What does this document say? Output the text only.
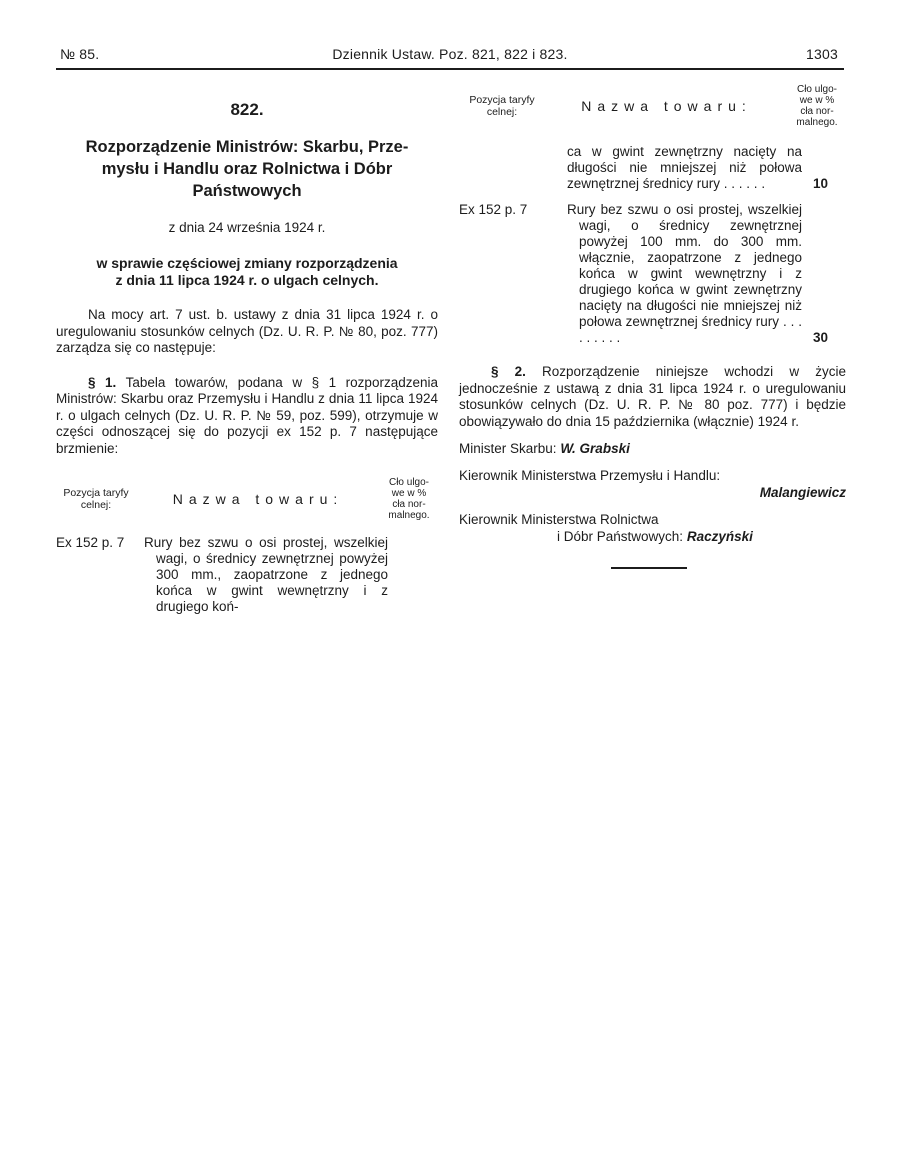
№ 85.	Dziennik Ustaw. Poz. 821, 822 i 823.	1303
822.
Rozporządzenie Ministrów: Skarbu, Prze-
mysłu i Handlu oraz Rolnictwa i Dóbr
Państwowych
z dnia 24 września 1924 r.
w sprawie częściowej zmiany rozporządzenia
z dnia 11 lipca 1924 r. o ulgach celnych.
Na mocy art. 7 ust. b. ustawy z dnia 31 lipca 1924 r. o uregulowaniu stosunków celnych (Dz. U. R. P. № 80, poz. 777) zarządza się co następuje:
§ 1. Tabela towarów, podana w § 1 rozporządzenia Ministrów: Skarbu oraz Przemysłu i Handlu z dnia 11 lipca 1924 r. o ulgach celnych (Dz. U. R. P. № 59, poz. 599), otrzymuje w części odnoszącej się do pozycji ex 152 p. 7 następujące brzmienie:
Pozycja taryfy
celnej:	Nazwa towaru:
Cło ulgo-
we w %
cła nor-
malnego.
Ex 152 p. 7 Rury bez szwu o osi prostej, wszelkiej wagi, o średnicy zewnętrznej powyżej 300 mm., zaopatrzone z jednego końca w gwint wewnętrzny i z drugiego koń-
Pozycja taryfy
celnej:	Nazwa towaru:
Cło ulgo-
we w %
cła nor-
malnego.
ca w gwint zewnętrzny nacięty na długości nie mniejszej niż połowa zewnętrznej średnicy rury . . . . . .	10
Ex 152 p. 7	Rury bez szwu o osi prostej, wszelkiej wagi, o średnicy zewnętrznej powyżej 100 mm. do 300 mm. włącznie, zaopatrzone z jednego końca w gwint wewnętrzny i z drugiego końca w gwint zewnętrzny nacięty na długości nie mniejszej niż połowa zewnętrznej średnicy rury . . . . . . . . .	30
§ 2. Rozporządzenie niniejsze wchodzi w życie jednocześnie z ustawą z dnia 31 lipca 1924 r. o uregulowaniu stosunków celnych (Dz. U. R. P. № 80 poz. 777) i będzie obowiązywało do dnia 15 października (włącznie) 1924 r.
Minister Skarbu: W. Grabski
Kierownik Ministerstwa Przemysłu i Handlu:
Malangiewicz
Kierownik Ministerstwa Rolnictwa
i Dóbr Państwowych: Raczyński
